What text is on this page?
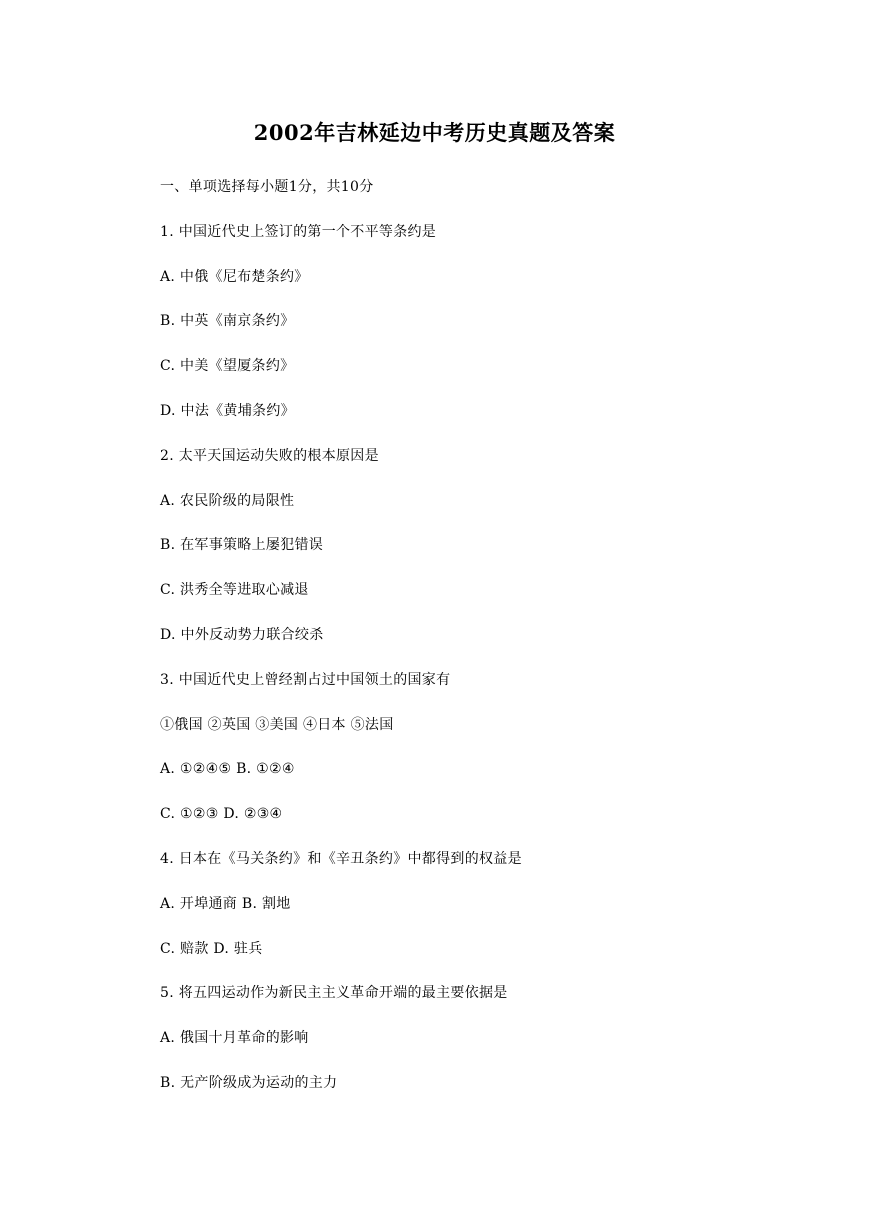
2002年吉林延边中考历史真题及答案
一、单项选择每小题1分，共10分
1. 中国近代史上签订的第一个不平等条约是
A. 中俄《尼布楚条约》
B. 中英《南京条约》
C. 中美《望厦条约》
D. 中法《黄埔条约》
2. 太平天国运动失败的根本原因是
A. 农民阶级的局限性
B. 在军事策略上屡犯错误
C. 洪秀全等进取心减退
D. 中外反动势力联合绞杀
3. 中国近代史上曾经割占过中国领土的国家有
①俄国 ②英国 ③美国 ④日本 ⑤法国
A. ①②④⑤ B. ①②④
C. ①②③ D. ②③④
4. 日本在《马关条约》和《辛丑条约》中都得到的权益是
A. 开埠通商 B. 割地
C. 赔款 D. 驻兵
5. 将五四运动作为新民主主义革命开端的最主要依据是
A. 俄国十月革命的影响
B. 无产阶级成为运动的主力
